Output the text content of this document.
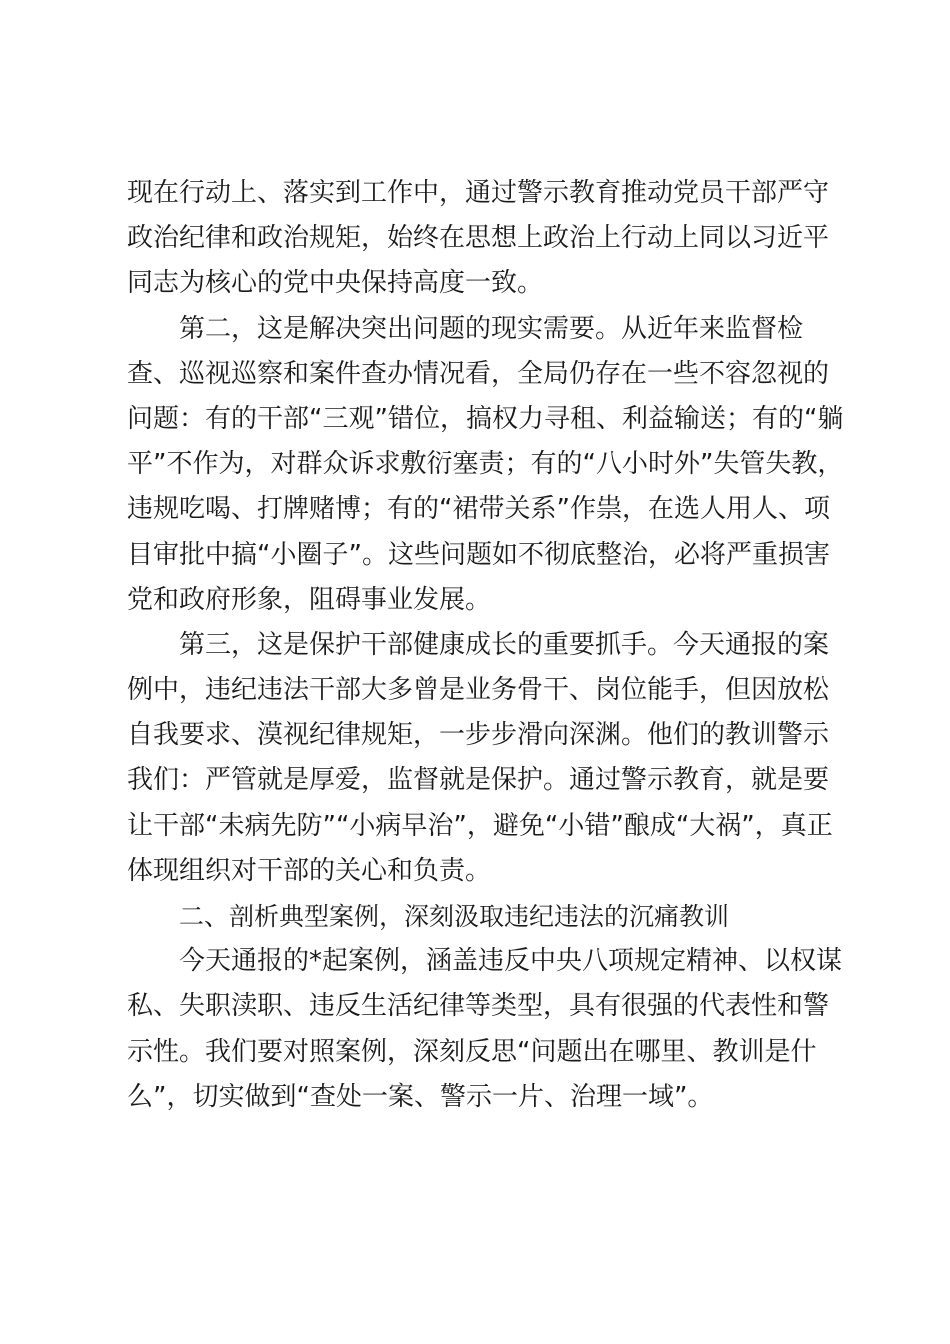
现在行动上、落实到工作中，通过警示教育推动党员干部严守
政治纪律和政治规矩，始终在思想上政治上行动上同以习近平
同志为核心的党中央保持高度一致。
第二，这是解决突出问题的现实需要。从近年来监督检
查、巡视巡察和案件查办情况看，全局仍存在一些不容忽视的
问题：有的干部“三观”错位，搞权力寻租、利益输送；有的“躺
平”不作为，对群众诉求敷衍塞责；有的“八小时外”失管失教，
违规吃喝、打牌赌博；有的“裙带关系”作祟，在选人用人、项
目审批中搞“小圈子”。这些问题如不彻底整治，必将严重损害
党和政府形象，阻碍事业发展。
第三，这是保护干部健康成长的重要抓手。今天通报的案
例中，违纪违法干部大多曾是业务骨干、岗位能手，但因放松
自我要求、漠视纪律规矩，一步步滑向深渊。他们的教训警示
我们：严管就是厚爱，监督就是保护。通过警示教育，就是要
让干部“未病先防”“小病早治”，避免“小错”酿成“大祸”，真正
体现组织对干部的关心和负责。
二、剖析典型案例，深刻汲取违纪违法的沉痛教训
今天通报的*起案例，涵盖违反中央八项规定精神、以权谋
私、失职渎职、违反生活纪律等类型，具有很强的代表性和警
示性。我们要对照案例，深刻反思“问题出在哪里、教训是什
么”，切实做到“查处一案、警示一片、治理一域”。
